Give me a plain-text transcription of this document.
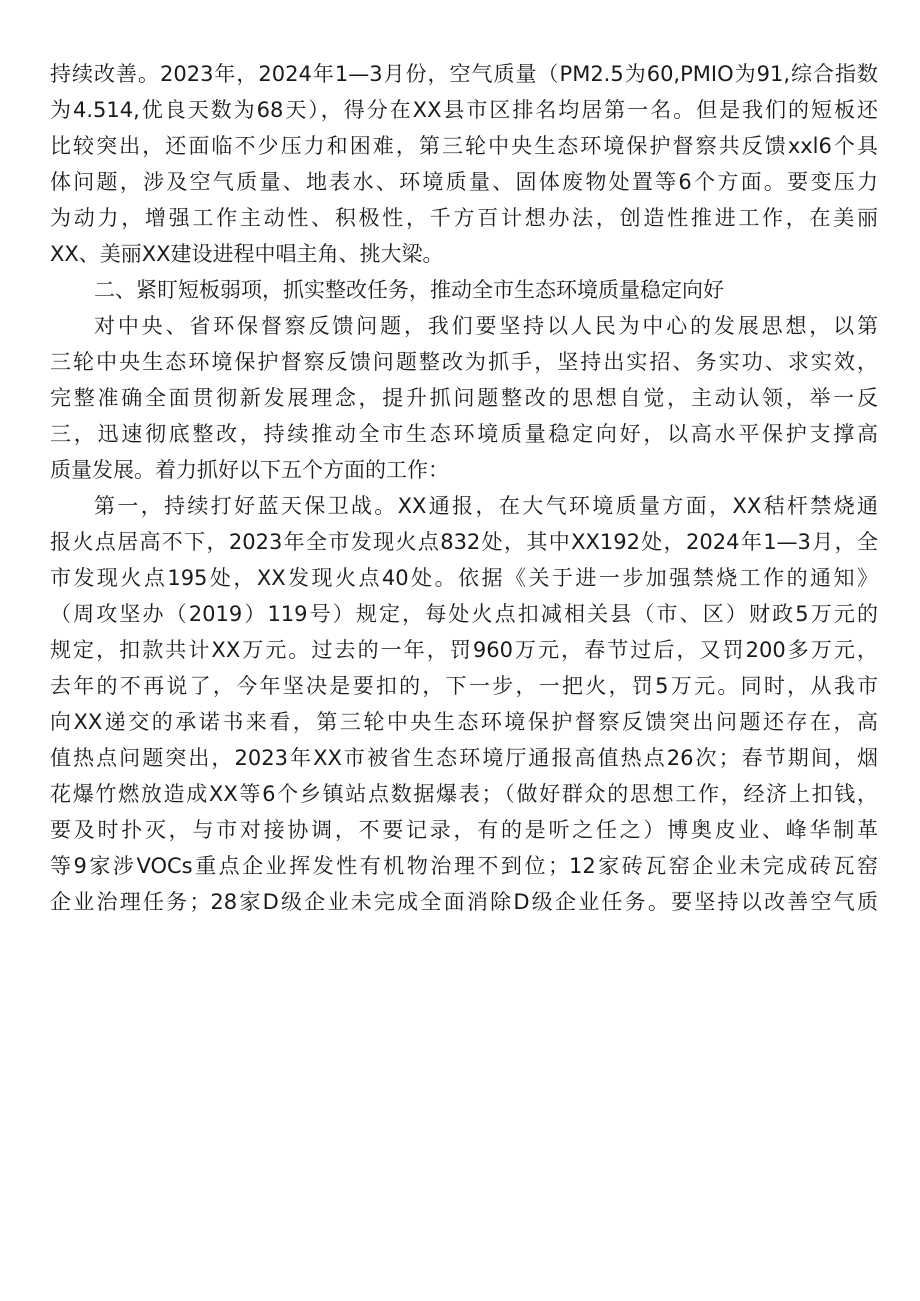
持续改善。2023年，2024年1—3月份，空气质量（PM2.5为60,PMIO为91,综合指数
为4.514,优良天数为68天），得分在XX县市区排名均居第一名。但是我们的短板还
比较突出，还面临不少压力和困难，第三轮中央生态环境保护督察共反馈xxl6个具
体问题，涉及空气质量、地表水、环境质量、固体废物处置等6个方面。要变压力
为动力，增强工作主动性、积极性，千方百计想办法，创造性推进工作，在美丽
XX、美丽XX建设进程中唱主角、挑大梁。
二、紧盯短板弱项，抓实整改任务，推动全市生态环境质量稳定向好
对中央、省环保督察反馈问题，我们要坚持以人民为中心的发展思想，以第
三轮中央生态环境保护督察反馈问题整改为抓手，坚持出实招、务实功、求实效，
完整准确全面贯彻新发展理念，提升抓问题整改的思想自觉，主动认领，举一反
三，迅速彻底整改，持续推动全市生态环境质量稳定向好，以高水平保护支撑高
质量发展。着力抓好以下五个方面的工作：
第一，持续打好蓝天保卫战。XX通报，在大气环境质量方面，XX秸杆禁烧通
报火点居高不下，2023年全市发现火点832处，其中XX192处，2024年1—3月，全
市发现火点195处，XX发现火点40处。依据《关于进一步加强禁烧工作的通知》
（周攻坚办（2019）119号）规定，每处火点扣减相关县（市、区）财政5万元的
规定，扣款共计XX万元。过去的一年，罚960万元，春节过后，又罚200多万元，
去年的不再说了，今年坚决是要扣的，下一步，一把火，罚5万元。同时，从我市
向XX递交的承诺书来看，第三轮中央生态环境保护督察反馈突出问题还存在，高
值热点问题突出，2023年XX市被省生态环境厅通报高值热点26次；春节期间，烟
花爆竹燃放造成XX等6个乡镇站点数据爆表；（做好群众的思想工作，经济上扣钱，
要及时扑灭，与市对接协调，不要记录，有的是听之任之）博奥皮业、峰华制革
等9家涉VOCs重点企业挥发性有机物治理不到位；12家砖瓦窑企业未完成砖瓦窑
企业治理任务；28家D级企业未完成全面消除D级企业任务。要坚持以改善空气质
